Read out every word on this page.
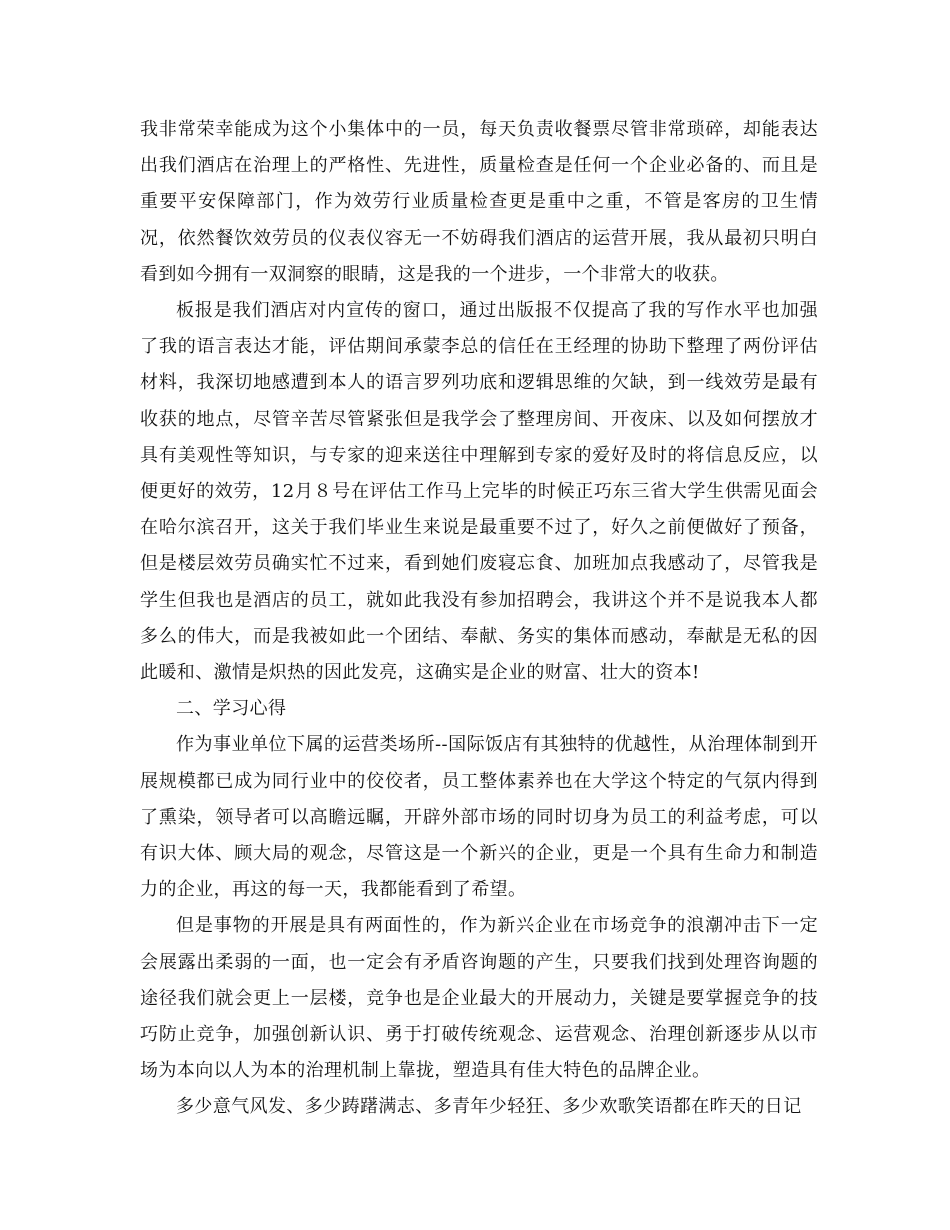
我非常荣幸能成为这个小集体中的一员，每天负责收餐票尽管非常琐碎，却能表达出我们酒店在治理上的严格性、先进性，质量检查是任何一个企业必备的、而且是重要平安保障部门，作为效劳行业质量检查更是重中之重，不管是客房的卫生情况，依然餐饮效劳员的仪表仪容无一不妨碍我们酒店的运营开展，我从最初只明白看到如今拥有一双洞察的眼睛，这是我的一个进步，一个非常大的收获。

板报是我们酒店对内宣传的窗口，通过出版报不仅提高了我的写作水平也加强了我的语言表达才能，评估期间承蒙李总的信任在王经理的协助下整理了两份评估材料，我深切地感遭到本人的语言罗列功底和逻辑思维的欠缺，到一线效劳是最有收获的地点，尽管辛苦尽管紧张但是我学会了整理房间、开夜床、以及如何摆放才具有美观性等知识，与专家的迎来送往中理解到专家的爱好及时的将信息反应，以便更好的效劳，12月８号在评估工作马上完毕的时候正巧东三省大学生供需见面会在哈尔滨召开，这关于我们毕业生来说是最重要不过了，好久之前便做好了预备，但是楼层效劳员确实忙不过来，看到她们废寝忘食、加班加点我感动了，尽管我是学生但我也是酒店的员工，就如此我没有参加招聘会，我讲这个并不是说我本人都多么的伟大，而是我被如此一个团结、奉献、务实的集体而感动，奉献是无私的因此暖和、激情是炽热的因此发亮，这确实是企业的财富、壮大的资本!

二、学习心得

作为事业单位下属的运营类场所--国际饭店有其独特的优越性，从治理体制到开展规模都已成为同行业中的佼佼者，员工整体素养也在大学这个特定的气氛内得到了熏染，领导者可以高瞻远瞩，开辟外部市场的同时切身为员工的利益考虑，可以有识大体、顾大局的观念，尽管这是一个新兴的企业，更是一个具有生命力和制造力的企业，再这的每一天，我都能看到了希望。

但是事物的开展是具有两面性的，作为新兴企业在市场竞争的浪潮冲击下一定会展露出柔弱的一面，也一定会有矛盾咨询题的产生，只要我们找到处理咨询题的途径我们就会更上一层楼，竞争也是企业最大的开展动力，关键是要掌握竞争的技巧防止竞争，加强创新认识、勇于打破传统观念、运营观念、治理创新逐步从以市场为本向以人为本的治理机制上靠拢，塑造具有佳大特色的品牌企业。

多少意气风发、多少踌躇满志、多青年少轻狂、多少欢歌笑语都在昨天的日记
